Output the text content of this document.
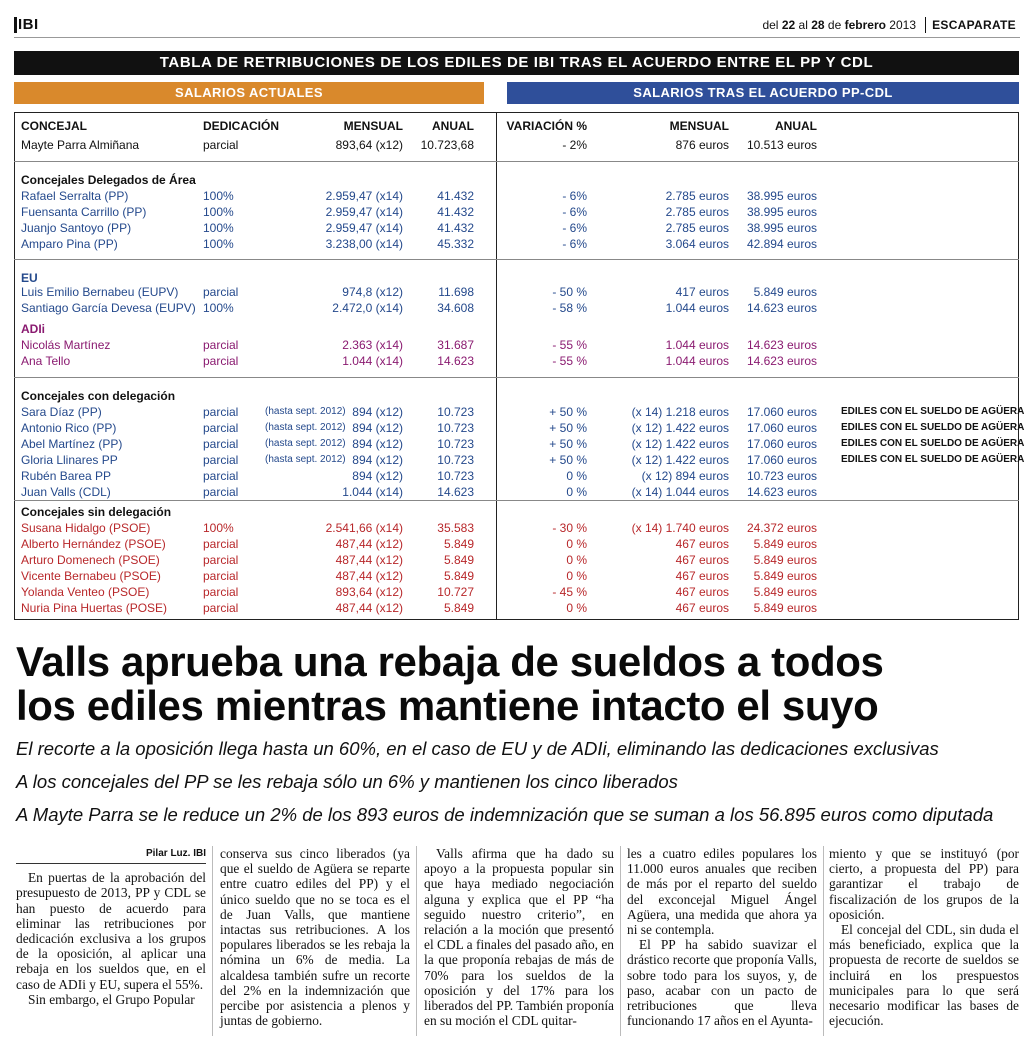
IBI	del 22 al 28 de febrero 2013 ESCAPARATE
TABLA DE RETRIBUCIONES DE LOS EDILES DE IBI TRAS EL ACUERDO ENTRE EL PP Y CDL
SALARIOS ACTUALES	SALARIOS TRAS EL ACUERDO PP-CDL
CONCEJAL	DEDICACIÓN	MENSUAL ANUAL	VARIACIÓN %	MENSUAL	ANUAL
Mayte Parra Almiñana	parcial	893,64 (x12) 10.723,68	- 2%	876 euros 10.513 euros
Concejales Delegados de Área
Rafael Serralta (PP)	100%	2.959,47 (x14)	41.432	- 6%	2.785 euros 38.995 euros
Fuensanta Carrillo (PP)	100%	2.959,47 (x14)	41.432	- 6%	2.785 euros 38.995 euros
Juanjo Santoyo (PP)	100%	2.959,47 (x14)	41.432	- 6%	2.785 euros 38.995 euros
Amparo Pina (PP)	100%	3.238,00 (x14)	45.332	- 6%	3.064 euros 42.894 euros
EU
Luis Emilio Bernabeu (EUPV) parcial	974,8 (x12)	11.698	- 50 %	417 euros 5.849 euros
Santiago García Devesa (EUPV) 100%	2.472,0 (x14)	34.608	- 58 %	1.044 euros 14.623 euros
ADIi
Nicolás Martínez	parcial	2.363 (x14)	31.687	- 55 %	1.044 euros 14.623 euros
Ana Tello	parcial	1.044 (x14)	14.623	- 55 %	1.044 euros 14.623 euros
Concejales con delegación
Sara Díaz (PP)	parcial	(hasta sept. 2012) 894 (x12)	10.723	+ 50 %	(x 14) 1.218 euros 17.060 euros EDILES CON EL SUELDO DE AGÜERA
Antonio Rico (PP)	parcial	(hasta sept. 2012) 894 (x12)	10.723	+ 50 %	(x 12) 1.422 euros 17.060 euros EDILES CON EL SUELDO DE AGÜERA
Abel Martínez (PP)	parcial	(hasta sept. 2012) 894 (x12)	10.723	+ 50 %	(x 12) 1.422 euros 17.060 euros EDILES CON EL SUELDO DE AGÜERA
Gloria Llinares PP	parcial	(hasta sept. 2012) 894 (x12)	10.723	+ 50 %	(x 12) 1.422 euros 17.060 euros EDILES CON EL SUELDO DE AGÜERA
Rubén Barea PP	parcial	894 (x12)	10.723	0 %	(x 12) 894 euros 10.723 euros
Juan Valls (CDL)	parcial	1.044 (x14)	14.623	0 %	(x 14) 1.044 euros 14.623 euros
Concejales sin delegación
Susana Hidalgo (PSOE)	100%	2.541,66 (x14)	35.583	- 30 %	(x 14) 1.740 euros 24.372 euros
Alberto Hernández (PSOE)	parcial	487,44 (x12)	5.849	0 %	467 euros 5.849 euros
Arturo Domenech (PSOE)	parcial	487,44 (x12)	5.849	0 %	467 euros 5.849 euros
Vicente Bernabeu (PSOE)	parcial	487,44 (x12)	5.849	0 %	467 euros 5.849 euros
Yolanda Venteo (PSOE)	parcial	893,64 (x12)	10.727	- 45 %	467 euros 5.849 euros
Nuria Pina Huertas (POSE)	parcial	487,44 (x12)	5.849	0 %	467 euros 5.849 euros
Valls aprueba una rebaja de sueldos a todos
los ediles mientras mantiene intacto el suyo
El recorte a la oposición llega hasta un 60%, en el caso de EU y de ADIi, eliminando las dedicaciones exclusivas
A los concejales del PP se les rebaja sólo un 6% y mantienen los cinco liberados
A Mayte Parra se le reduce un 2% de los 893 euros de indemnización que se suman a los 56.895 euros como diputada

Pilar Luz. IBI

En puertas de la aprobación del presupuesto de 2013, PP y CDL se han puesto de acuerdo para eliminar las retribuciones por dedicación exclusiva a los grupos de la oposición, al aplicar una rebaja en los sueldos que, en el caso de ADIi y EU, supera el 55%.

Sin embargo, el Grupo Popular

conserva sus cinco liberados (ya que el sueldo de Agüera se reparte entre cuatro ediles del PP) y el único sueldo que no se toca es el de Juan Valls, que mantiene intactas sus retribuciones. A los populares liberados se les rebaja la nómina un 6% de media. La alcaldesa también sufre un recorte del 2% en la indemnización que percibe por asistencia a plenos y juntas de gobierno.

Valls afirma que ha dado su apoyo a la propuesta popular sin que haya mediado negociación alguna y explica que el PP “ha seguido nuestro criterio”, en relación a la moción que presentó el CDL a finales del pasado año, en la que proponía rebajas de más de 70% para los sueldos de la oposición y del 17% para los liberados del PP. También proponía en su moción el CDL quitar-

les a cuatro ediles populares los 11.000 euros anuales que reciben de más por el reparto del sueldo del exconcejal Miguel Ángel Agüera, una medida que ahora ya ni se contempla.

El PP ha sabido suavizar el drástico recorte que proponía Valls, sobre todo para los suyos, y, de paso, acabar con un pacto de retribuciones que lleva funcionando 17 años en el Ayunta-

miento y que se instituyó (por cierto, a propuesta del PP) para garantizar el trabajo de fiscalización de los grupos de la oposición.

El concejal del CDL, sin duda el más beneficiado, explica que la propuesta de recorte de sueldos se incluirá en los prespuestos municipales para lo que será necesario modificar las bases de ejecución.
